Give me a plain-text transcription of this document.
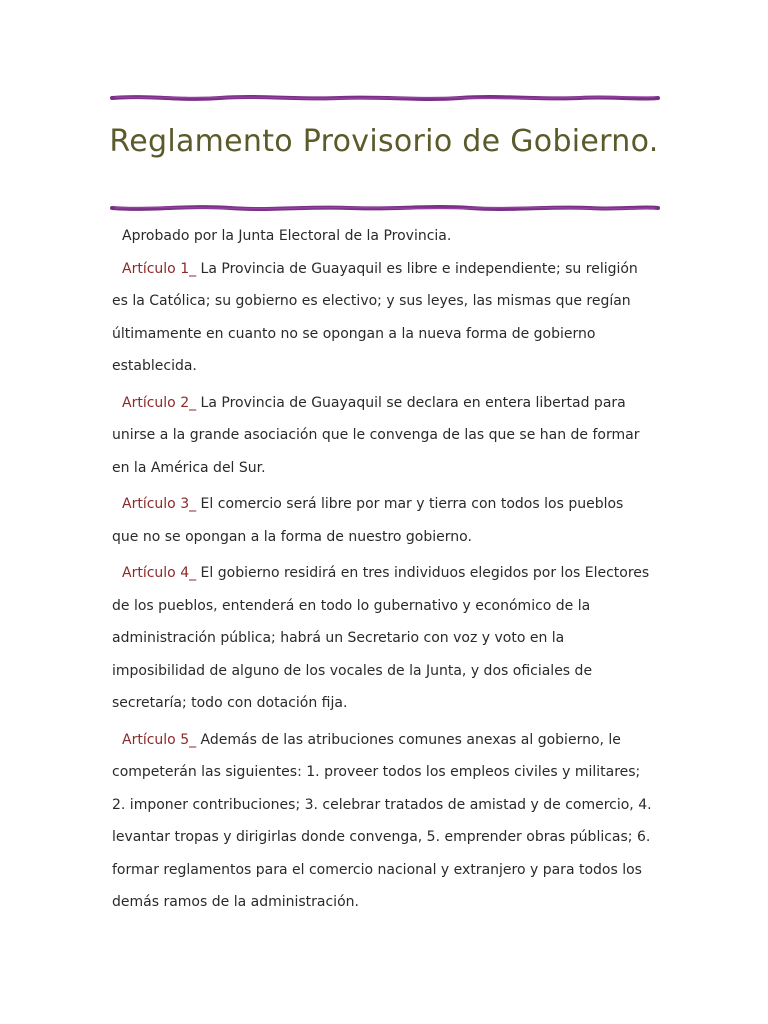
Reglamento Provisorio de Gobierno.

Aprobado por la Junta Electoral de la Provincia.

Artículo 1_ La Provincia de Guayaquil es libre e independiente; su religión es la Católica; su gobierno es electivo; y sus leyes, las mismas que regían últimamente en cuanto no se opongan a la nueva forma de gobierno establecida.

Artículo 2_ La Provincia de Guayaquil se declara en entera libertad para unirse a la grande asociación que le convenga de las que se han de formar en la América del Sur.

Artículo 3_ El comercio será libre por mar y tierra con todos los pueblos que no se opongan a la forma de nuestro gobierno.

Artículo 4_ El gobierno residirá en tres individuos elegidos por los Electores de los pueblos, entenderá en todo lo gubernativo y económico de la administración pública; habrá un Secretario con voz y voto en la imposibilidad de alguno de los vocales de la Junta, y dos oficiales de secretaría; todo con dotación fija.

Artículo 5_ Además de las atribuciones comunes anexas al gobierno, le competerán las siguientes: 1. proveer todos los empleos civiles y militares; 2. imponer contribuciones; 3. celebrar tratados de amistad y de comercio, 4. levantar tropas y dirigirlas donde convenga, 5. emprender obras públicas; 6. formar reglamentos para el comercio nacional y extranjero y para todos los demás ramos de la administración.
